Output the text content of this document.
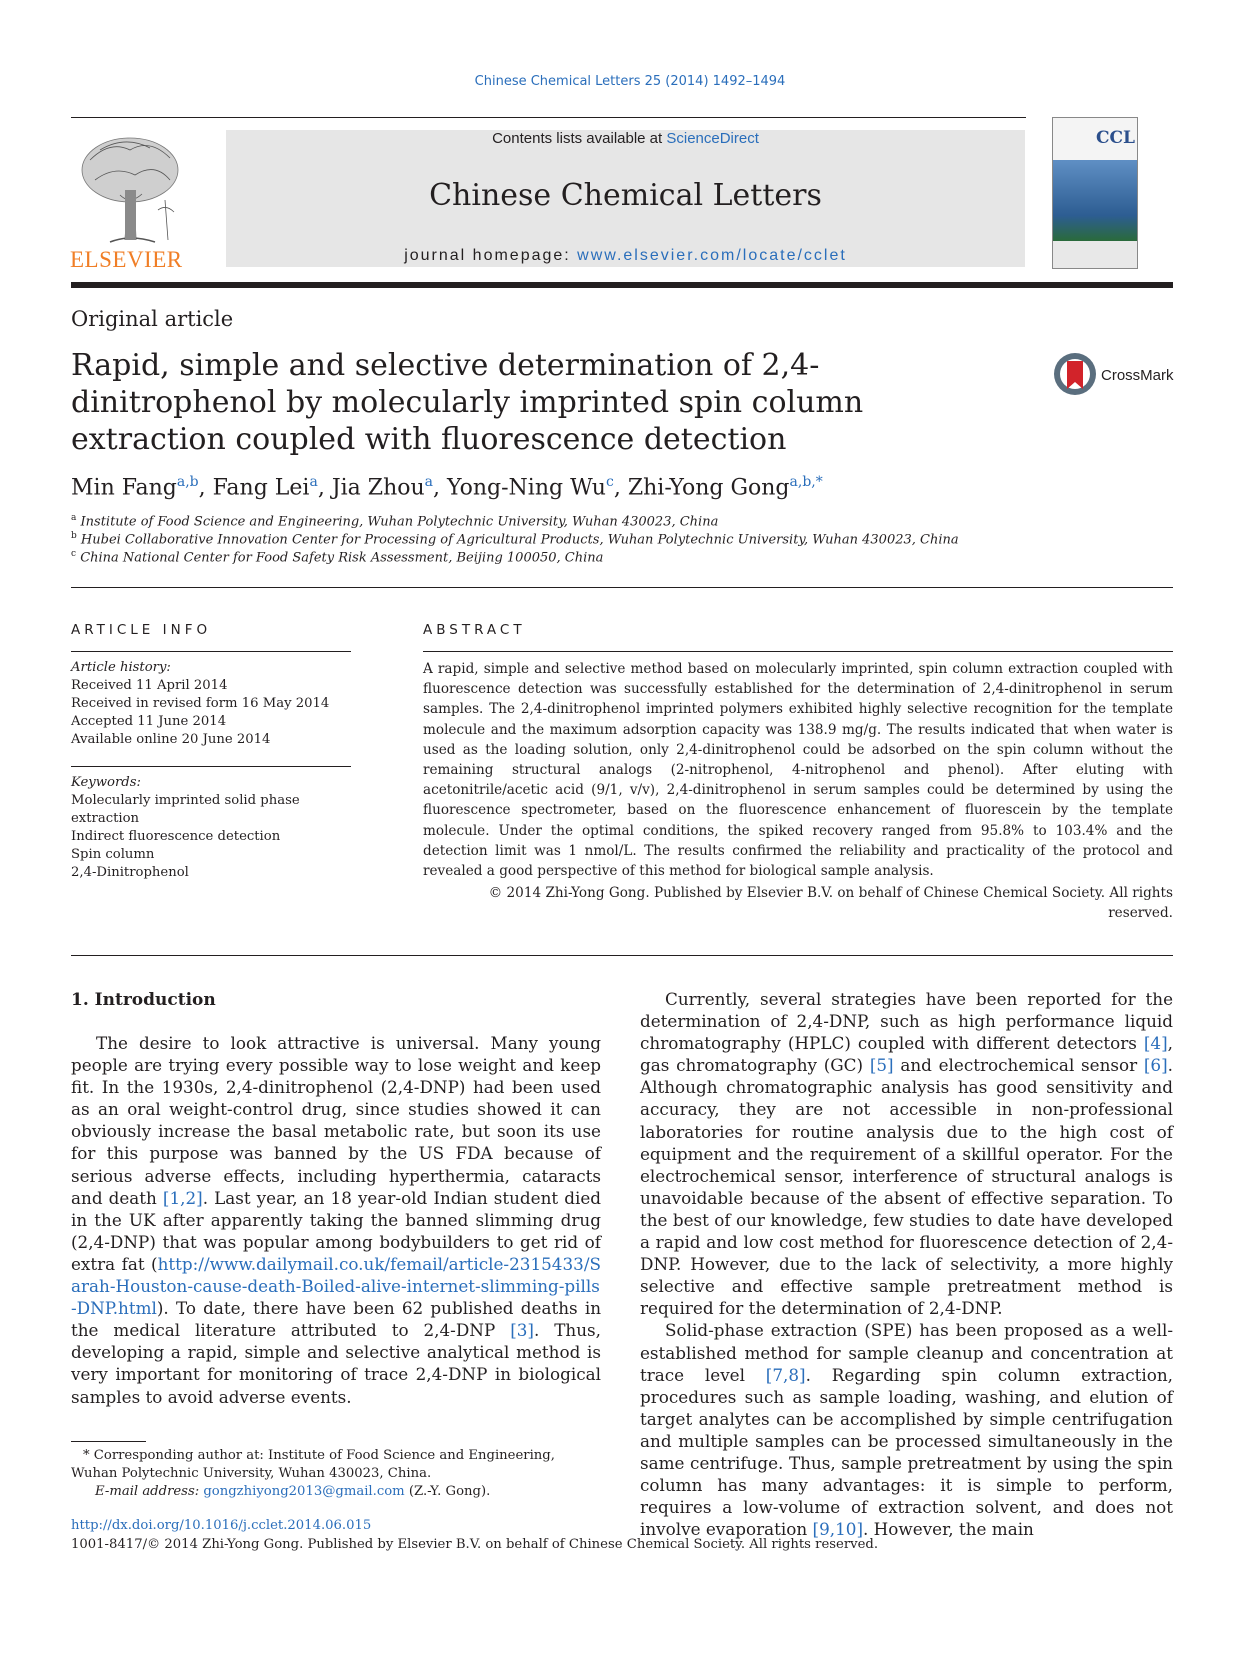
Chinese Chemical Letters 25 (2014) 1492–1494
ELSEVIER
Contents lists available at ScienceDirect
Chinese Chemical Letters
journal homepage: www.elsevier.com/locate/cclet
CCL
Original article
Rapid, simple and selective determination of 2,4-dinitrophenol by molecularly imprinted spin column extraction coupled with fluorescence detection
CrossMark
Min Fang$^{a,b}$, Fang Lei$^a$, Jia Zhou$^a$, Yong-Ning Wu$^c$, Zhi-Yong Gong$^{a,b,*}$
$^a$ Institute of Food Science and Engineering, Wuhan Polytechnic University, Wuhan 430023, China
$^b$ Hubei Collaborative Innovation Center for Processing of Agricultural Products, Wuhan Polytechnic University, Wuhan 430023, China
$^c$ China National Center for Food Safety Risk Assessment, Beijing 100050, China
ARTICLE INFO
Article history:
Received 11 April 2014
Received in revised form 16 May 2014
Accepted 11 June 2014
Available online 20 June 2014
Keywords:
Molecularly imprinted solid phase extraction
Indirect fluorescence detection
Spin column
2,4-Dinitrophenol
ABSTRACT
A rapid, simple and selective method based on molecularly imprinted, spin column extraction coupled with fluorescence detection was successfully established for the determination of 2,4-dinitrophenol in serum samples. The 2,4-dinitrophenol imprinted polymers exhibited highly selective recognition for the template molecule and the maximum adsorption capacity was 138.9 mg/g. The results indicated that when water is used as the loading solution, only 2,4-dinitrophenol could be adsorbed on the spin column without the remaining structural analogs (2-nitrophenol, 4-nitrophenol and phenol). After eluting with acetonitrile/acetic acid (9/1, v/v), 2,4-dinitrophenol in serum samples could be determined by using the fluorescence spectrometer, based on the fluorescence enhancement of fluorescein by the template molecule. Under the optimal conditions, the spiked recovery ranged from 95.8% to 103.4% and the detection limit was 1 nmol/L. The results confirmed the reliability and practicality of the protocol and revealed a good perspective of this method for biological sample analysis.
© 2014 Zhi-Yong Gong. Published by Elsevier B.V. on behalf of Chinese Chemical Society. All rights reserved.
1. Introduction

The desire to look attractive is universal. Many young people are trying every possible way to lose weight and keep fit. In the 1930s, 2,4-dinitrophenol (2,4-DNP) had been used as an oral weight-control drug, since studies showed it can obviously increase the basal metabolic rate, but soon its use for this purpose was banned by the US FDA because of serious adverse effects, including hyperthermia, cataracts and death [1,2]. Last year, an 18 year-old Indian student died in the UK after apparently taking the banned slimming drug (2,4-DNP) that was popular among bodybuilders to get rid of extra fat (http://www.dailymail.co.uk/femail/article-2315433/Sarah-Houston-cause-death-Boiled-alive-internet-slimming-pills-DNP.html). To date, there have been 62 published deaths in the medical literature attributed to 2,4-DNP [3]. Thus, developing a rapid, simple and selective analytical method is very important for monitoring of trace 2,4-DNP in biological samples to avoid adverse events.

Currently, several strategies have been reported for the determination of 2,4-DNP, such as high performance liquid chromatography (HPLC) coupled with different detectors [4], gas chromatography (GC) [5] and electrochemical sensor [6]. Although chromatographic analysis has good sensitivity and accuracy, they are not accessible in non-professional laboratories for routine analysis due to the high cost of equipment and the requirement of a skillful operator. For the electrochemical sensor, interference of structural analogs is unavoidable because of the absent of effective separation. To the best of our knowledge, few studies to date have developed a rapid and low cost method for fluorescence detection of 2,4-DNP. However, due to the lack of selectivity, a more highly selective and effective sample pretreatment method is required for the determination of 2,4-DNP.

Solid-phase extraction (SPE) has been proposed as a well-established method for sample cleanup and concentration at trace level [7,8]. Regarding spin column extraction, procedures such as sample loading, washing, and elution of target analytes can be accomplished by simple centrifugation and multiple samples can be processed simultaneously in the same centrifuge. Thus, sample pretreatment by using the spin column has many advantages: it is simple to perform, requires a low-volume of extraction solvent, and does not involve evaporation [9,10]. However, the main

* Corresponding author at: Institute of Food Science and Engineering, Wuhan Polytechnic University, Wuhan 430023, China.
E-mail address: gongzhiyong2013@gmail.com (Z.-Y. Gong).
http://dx.doi.org/10.1016/j.cclet.2014.06.015
1001-8417/© 2014 Zhi-Yong Gong. Published by Elsevier B.V. on behalf of Chinese Chemical Society. All rights reserved.
